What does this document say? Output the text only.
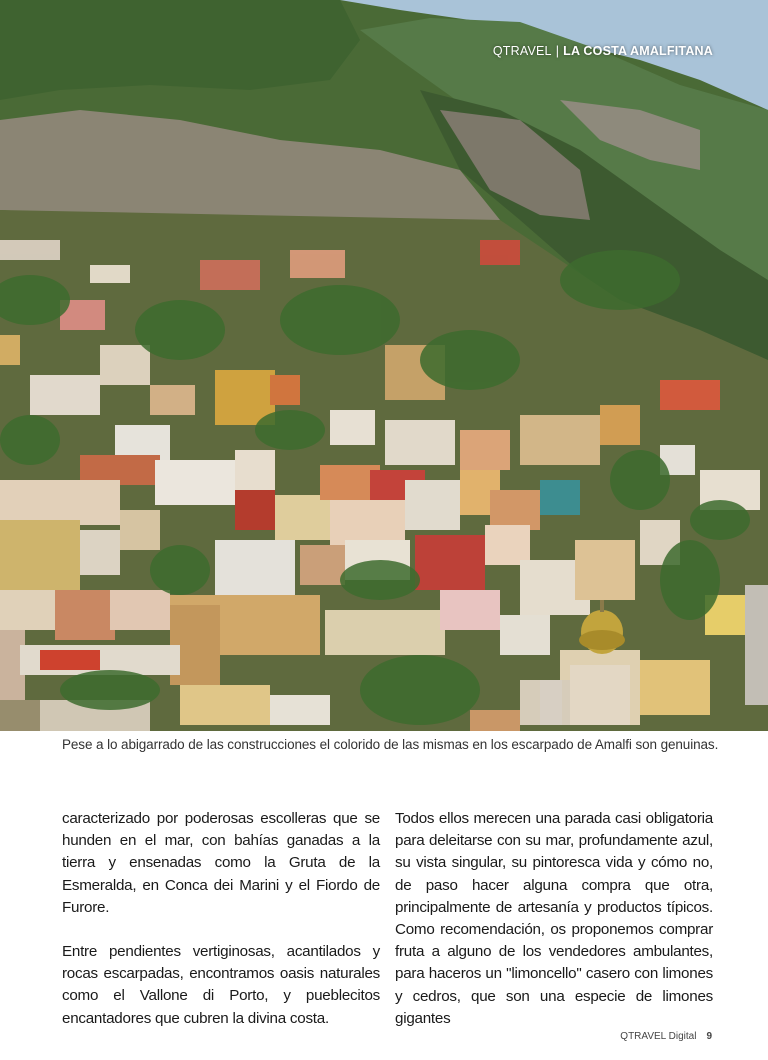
QTRAVEL | LA COSTA AMALFITANA
Pese a lo abigarrado de las construcciones el colorido de las mismas en los escarpado de Amalfi son genuinas.

caracterizado por poderosas escolleras que se hunden en el mar, con bahías ganadas a la tierra y ensenadas como la Gruta de la Esmeralda, en Conca dei Marini y el Fiordo de Furore.

Entre pendientes vertiginosas, acantilados y rocas escarpadas, encontramos oasis naturales como el Vallone di Porto, y pueblecitos encantadores que cubren la divina costa.

Todos ellos merecen una parada casi obligatoria para deleitarse con su mar, profundamente azul, su vista singular, su pintoresca vida y cómo no, de paso hacer alguna compra que otra, principalmente de artesanía y productos típicos. Como recomendación, os proponemos comprar fruta a alguno de los vendedores ambulantes, para haceros un "limoncello" casero con limones y cedros, que son una especie de limones gigantes

QTRAVEL Digital 9
